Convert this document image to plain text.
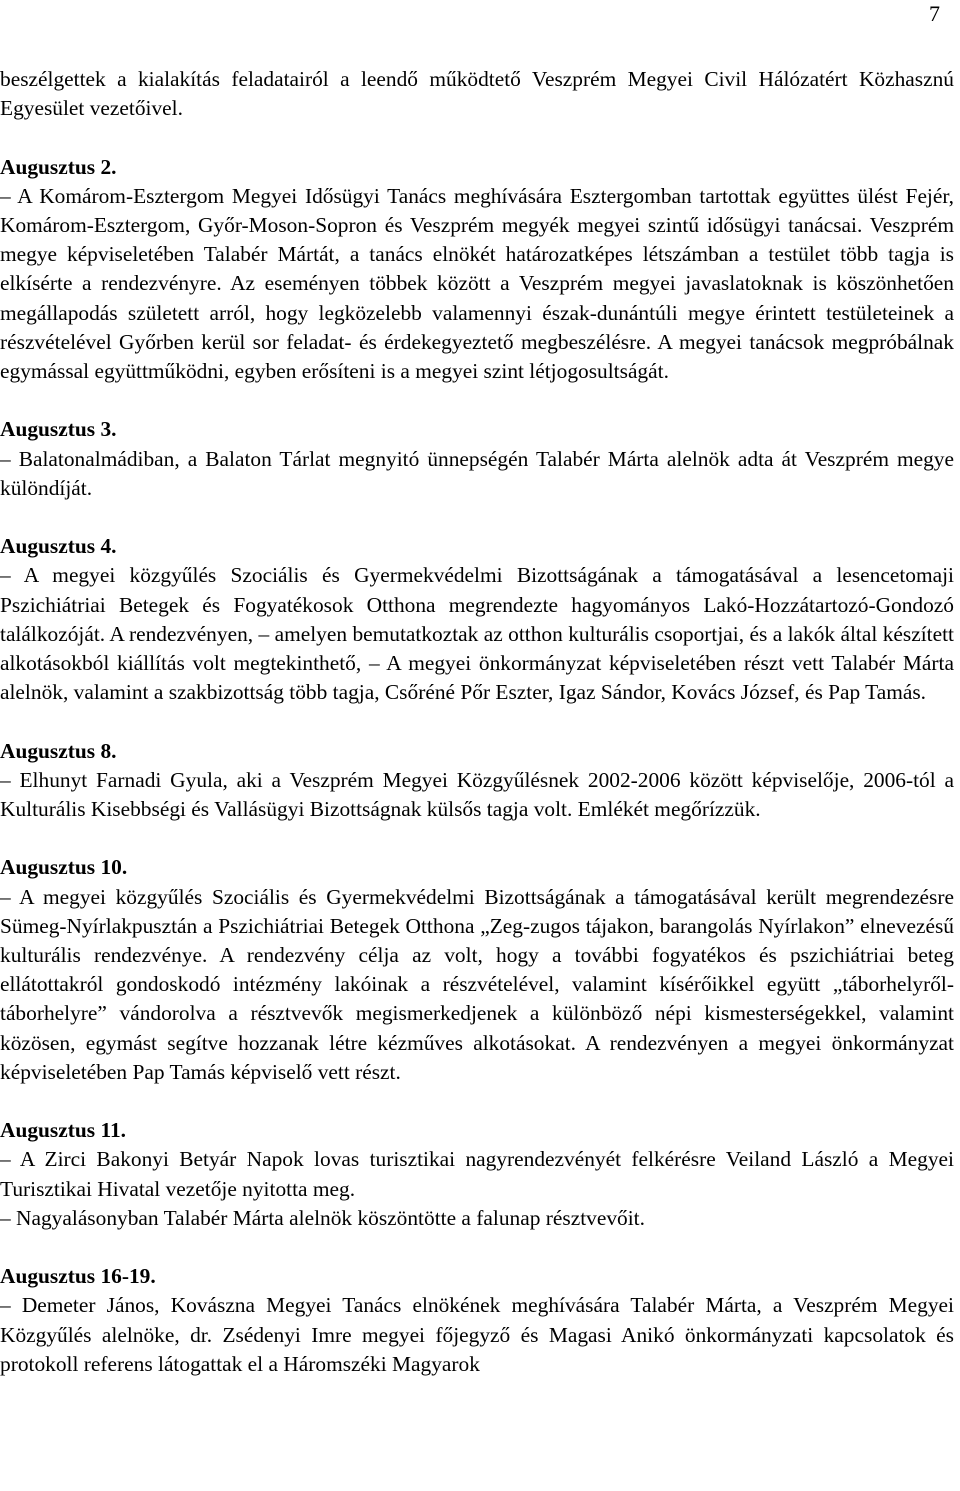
7

beszélgettek a kialakítás feladatairól a leendő működtető Veszprém Megyei Civil Hálózatért Közhasznú Egyesület vezetőivel.

Augusztus 2.

– A Komárom-Esztergom Megyei Idősügyi Tanács meghívására Esztergomban tartottak együttes ülést Fejér, Komárom-Esztergom, Győr-Moson-Sopron és Veszprém megyék megyei szintű idősügyi tanácsai. Veszprém megye képviseletében Talabér Mártát, a tanács elnökét határozatképes létszámban a testület több tagja is elkísérte a rendezvényre. Az eseményen többek között a Veszprém megyei javaslatoknak is köszönhetően megállapodás született arról, hogy legközelebb valamennyi észak-dunántúli megye érintett testületeinek a részvételével Győrben kerül sor feladat- és érdekegyeztető megbeszélésre. A megyei tanácsok megpróbálnak egymással együttműködni, egyben erősíteni is a megyei szint létjogosultságát.

Augusztus 3.

– Balatonalmádiban, a Balaton Tárlat megnyitó ünnepségén Talabér Márta alelnök adta át Veszprém megye különdíját.

Augusztus 4.

– A megyei közgyűlés Szociális és Gyermekvédelmi Bizottságának a támogatásával a lesencetomaji Pszichiátriai Betegek és Fogyatékosok Otthona megrendezte hagyományos Lakó-Hozzátartozó-Gondozó találkozóját. A rendezvényen, – amelyen bemutatkoztak az otthon kulturális csoportjai, és a lakók által készített alkotásokból kiállítás volt megtekinthető, – A megyei önkormányzat képviseletében részt vett Talabér Márta alelnök, valamint a szakbizottság több tagja, Csőréné Pőr Eszter, Igaz Sándor, Kovács József, és Pap Tamás.

Augusztus 8.

– Elhunyt Farnadi Gyula, aki a Veszprém Megyei Közgyűlésnek 2002-2006 között képviselője, 2006-tól a Kulturális Kisebbségi és Vallásügyi Bizottságnak külsős tagja volt. Emlékét megőrízzük.

Augusztus 10.

– A megyei közgyűlés Szociális és Gyermekvédelmi Bizottságának a támogatásával került megrendezésre Sümeg-Nyírlakpusztán a Pszichiátriai Betegek Otthona „Zeg-zugos tájakon, barangolás Nyírlakon” elnevezésű kulturális rendezvénye. A rendezvény célja az volt, hogy a további fogyatékos és pszichiátriai beteg ellátottakról gondoskodó intézmény lakóinak a részvételével, valamint kísérőikkel együtt „táborhelyről-táborhelyre” vándorolva a résztvevők megismerkedjenek a különböző népi kismesterségekkel, valamint közösen, egymást segítve hozzanak létre kézműves alkotásokat. A rendezvényen a megyei önkormányzat képviseletében Pap Tamás képviselő vett részt.

Augusztus 11.

– A Zirci Bakonyi Betyár Napok lovas turisztikai nagyrendezvényét felkérésre Veiland László a Megyei Turisztikai Hivatal vezetője nyitotta meg.

– Nagyalásonyban Talabér Márta alelnök köszöntötte a falunap résztvevőit.

Augusztus 16-19.

– Demeter János, Kovászna Megyei Tanács elnökének meghívására Talabér Márta, a Veszprém Megyei Közgyűlés alelnöke, dr. Zsédenyi Imre megyei főjegyző és Magasi Anikó önkormányzati kapcsolatok és protokoll referens látogattak el a Háromszéki Magyarok
